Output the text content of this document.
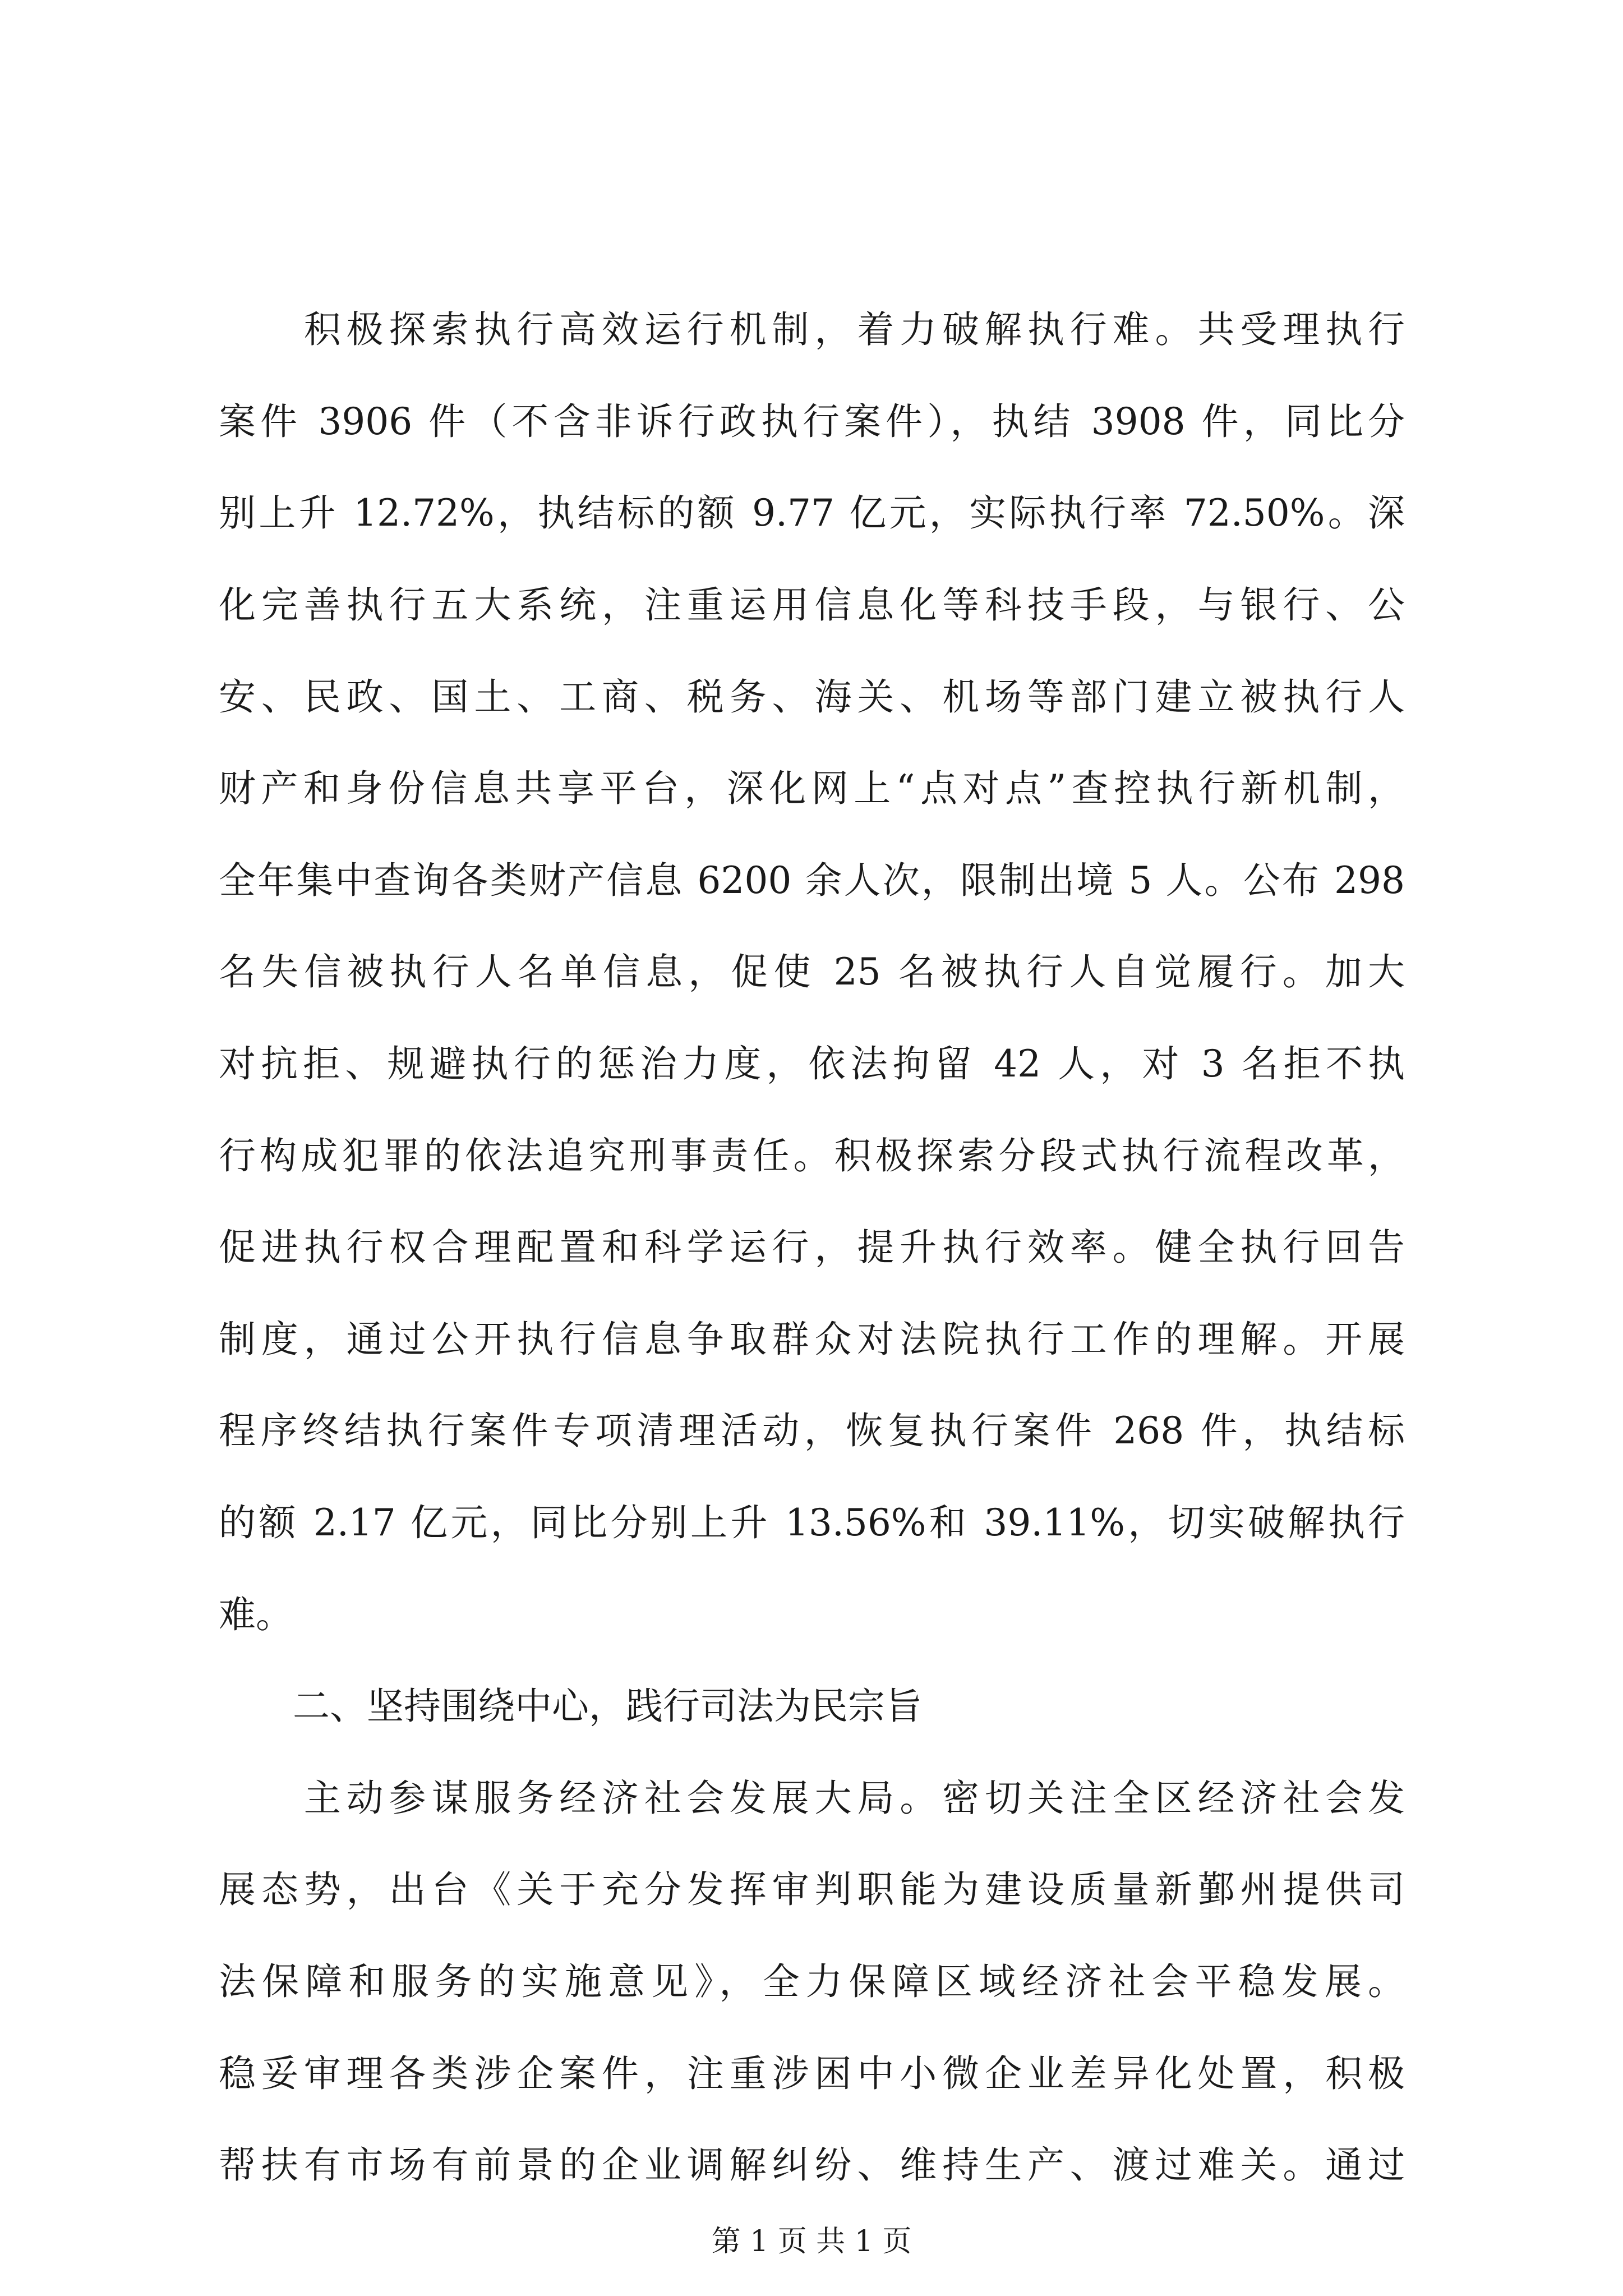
　　积极探索执行高效运行机制，着力破解执行难。共受理执行
案件 3906 件（不含非诉行政执行案件），执结 3908 件，同比分
别上升 12.72%，执结标的额 9.77 亿元，实际执行率 72.50%。深
化完善执行五大系统，注重运用信息化等科技手段，与银行、公
安、民政、国土、工商、税务、海关、机场等部门建立被执行人
财产和身份信息共享平台，深化网上“点对点”查控执行新机制，
全年集中查询各类财产信息 6200 余人次，限制出境 5 人。公布 298
名失信被执行人名单信息，促使 25 名被执行人自觉履行。加大
对抗拒、规避执行的惩治力度，依法拘留 42 人，对 3 名拒不执
行构成犯罪的依法追究刑事责任。积极探索分段式执行流程改革，
促进执行权合理配置和科学运行，提升执行效率。健全执行回告
制度，通过公开执行信息争取群众对法院执行工作的理解。开展
程序终结执行案件专项清理活动，恢复执行案件 268 件，执结标
的额 2.17 亿元，同比分别上升 13.56%和 39.11%，切实破解执行
难。
　　二、坚持围绕中心，践行司法为民宗旨
　　主动参谋服务经济社会发展大局。密切关注全区经济社会发
展态势，出台《关于充分发挥审判职能为建设质量新鄞州提供司
法保障和服务的实施意见》，全力保障区域经济社会平稳发展。
稳妥审理各类涉企案件，注重涉困中小微企业差异化处置，积极
帮扶有市场有前景的企业调解纠纷、维持生产、渡过难关。通过
第 1 页 共 1 页
